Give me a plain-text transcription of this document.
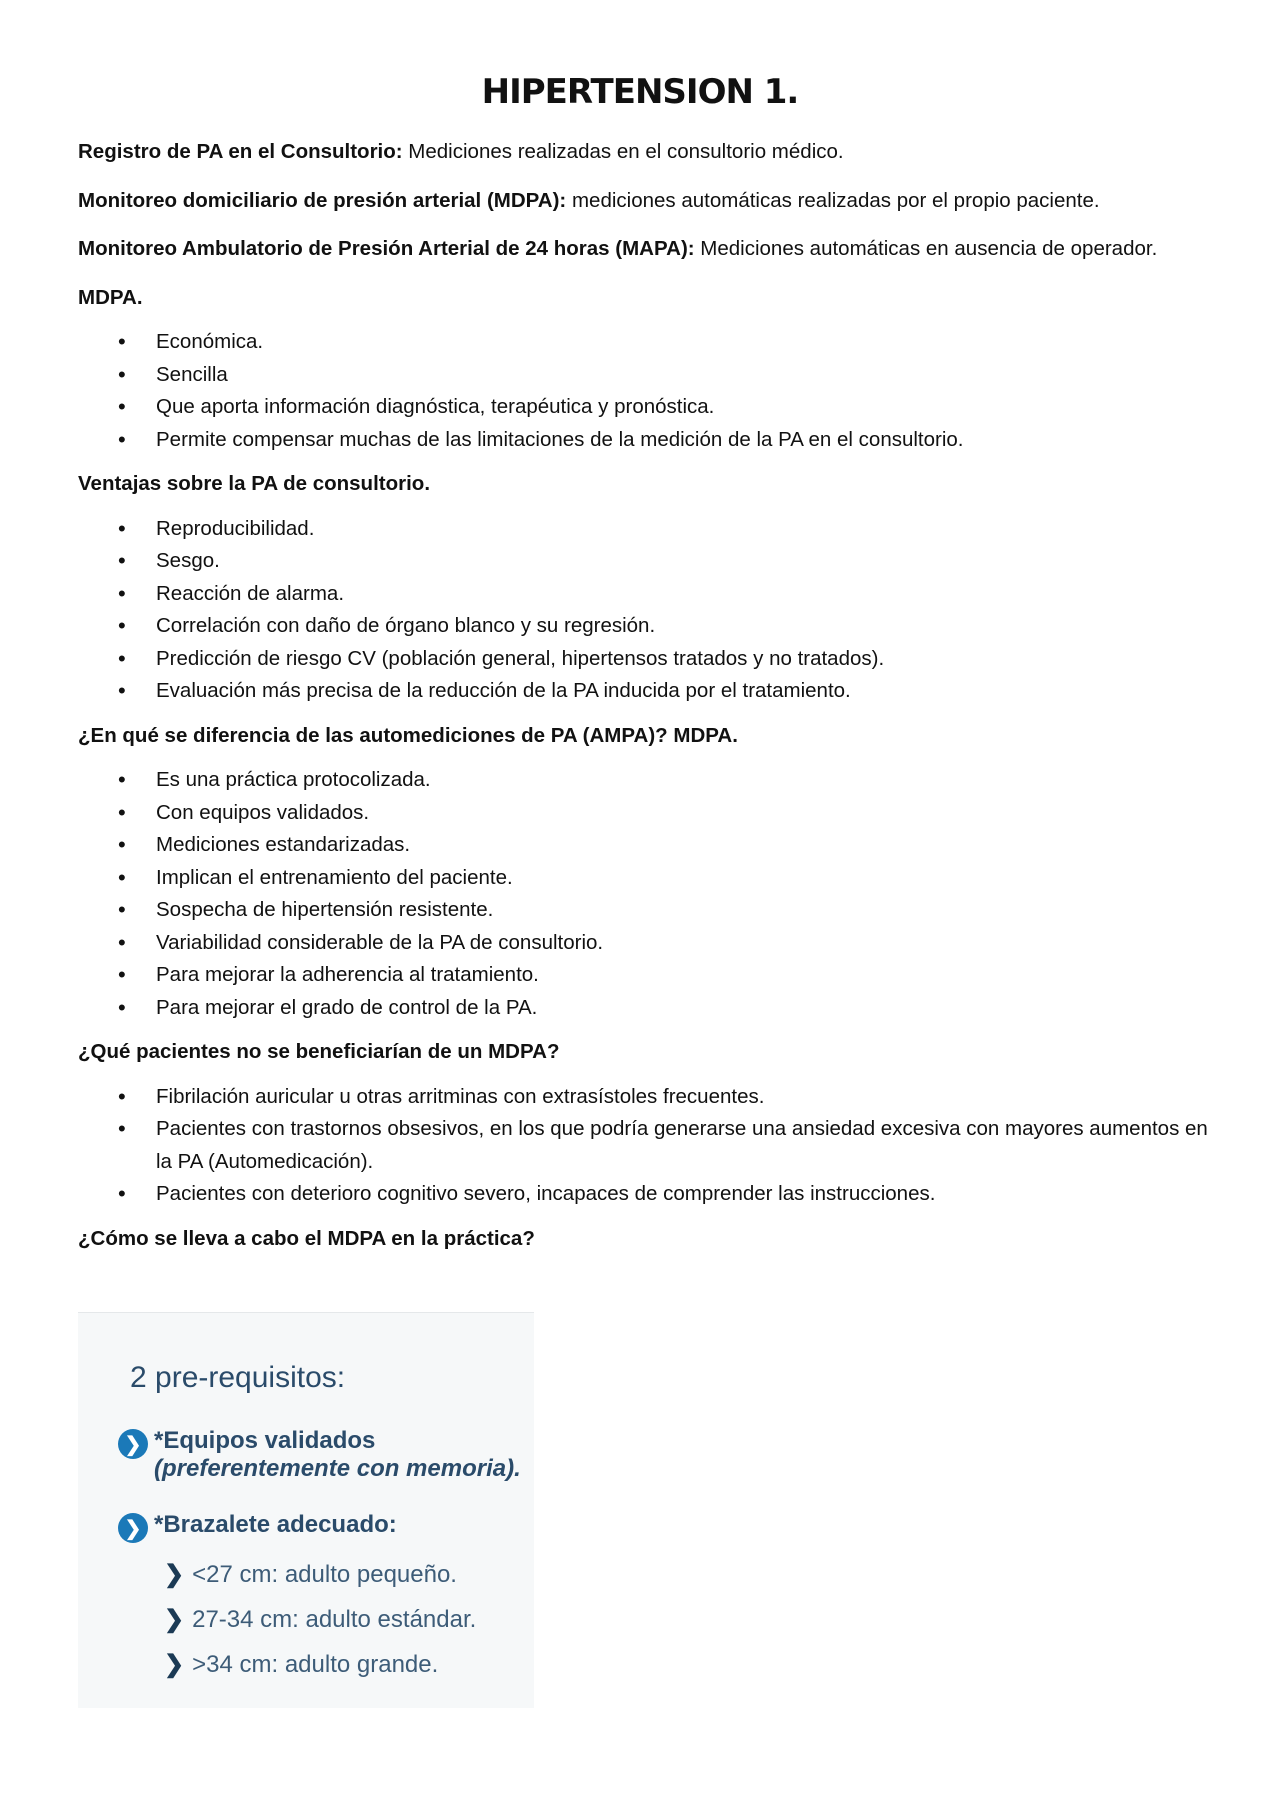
HIPERTENSION 1.

Registro de PA en el Consultorio: Mediciones realizadas en el consultorio médico.

Monitoreo domiciliario de presión arterial (MDPA): mediciones automáticas realizadas por el propio paciente.

Monitoreo Ambulatorio de Presión Arterial de 24 horas (MAPA): Mediciones automáticas en ausencia de operador.

MDPA.
• Económica.
• Sencilla
• Que aporta información diagnóstica, terapéutica y pronóstica.
• Permite compensar muchas de las limitaciones de la medición de la PA en el consultorio.
Ventajas sobre la PA de consultorio.
• Reproducibilidad.
• Sesgo.
• Reacción de alarma.
• Correlación con daño de órgano blanco y su regresión.
• Predicción de riesgo CV (población general, hipertensos tratados y no tratados).
• Evaluación más precisa de la reducción de la PA inducida por el tratamiento.
¿En qué se diferencia de las automediciones de PA (AMPA)? MDPA.
• Es una práctica protocolizada.
• Con equipos validados.
• Mediciones estandarizadas.
• Implican el entrenamiento del paciente.
• Sospecha de hipertensión resistente.
• Variabilidad considerable de la PA de consultorio.
• Para mejorar la adherencia al tratamiento.
• Para mejorar el grado de control de la PA.
¿Qué pacientes no se beneficiarían de un MDPA?
• Fibrilación auricular u otras arritminas con extrasístoles frecuentes.
• Pacientes con trastornos obsesivos, en los que podría generarse una ansiedad excesiva con mayores aumentos en la PA (Automedicación).
• Pacientes con deterioro cognitivo severo, incapaces de comprender las instrucciones.
¿Cómo se lleva a cabo el MDPA en la práctica?
2 pre-requisitos:
❯ *Equipos validados
(preferentemente con memoria).
❯ *Brazalete adecuado:
❯ <27 cm: adulto pequeño.
❯ 27-34 cm: adulto estándar.
❯ >34 cm: adulto grande.
